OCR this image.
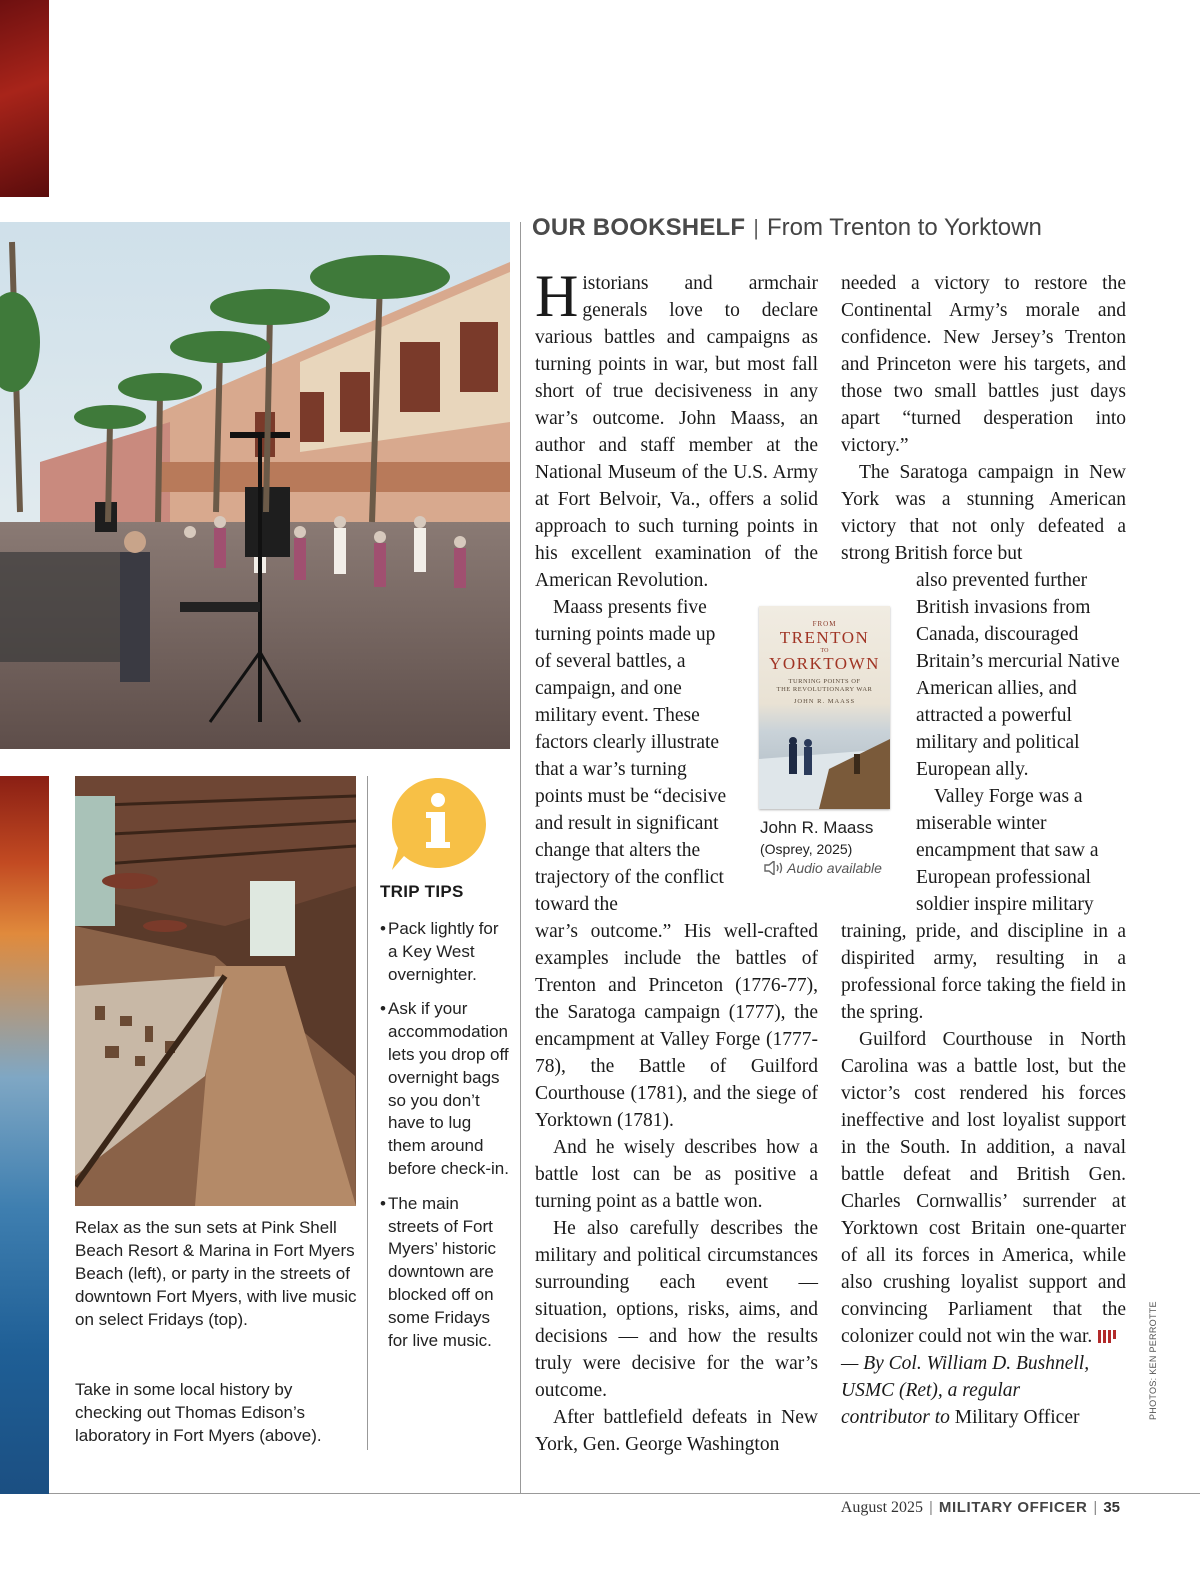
Relax as the sun sets at Pink Shell Beach Resort & Marina in Fort Myers Beach (left), or party in the streets of downtown Fort Myers, with live music on select Fridays (top).

Take in some local history by checking out Thomas Edison’s laboratory in Fort Myers (above).

TRIP TIPS
• Pack lightly for a Key West overnighter.
• Ask if your accommodation lets you drop off overnight bags so you don’t have to lug them around before check-in.
• The main streets of Fort Myers’ historic downtown are blocked off on some Fridays for live music.
OUR BOOKSHELF | From Trenton to Yorktown

Historians and armchair generals love to declare various battles and campaigns as turning points in war, but most fall short of true decisiveness in any war’s outcome. John Maass, an author and staff member at the National Museum of the U.S. Army at Fort Belvoir, Va., offers a solid approach to such turning points in his excellent examination of the American Revolution.

Maass presents five turning points made up of several battles, a campaign, and one military event. These factors clearly illustrate that a war’s turning points must be “decisive and result in significant change that alters the trajectory of the conflict toward the

war’s outcome.” His well-crafted examples include the battles of Trenton and Princeton (1776-77), the Saratoga campaign (1777), the encampment at Valley Forge (1777-78), the Battle of Guilford Courthouse (1781), and the siege of Yorktown (1781).

And he wisely describes how a battle lost can be as positive a turning point as a battle won.

He also carefully describes the military and political circumstances surrounding each event — situation, options, risks, aims, and decisions — and how the results truly were decisive for the war’s outcome.

After battlefield defeats in New York, Gen. George Washington

FROM
TRENTON
TO
YORKTOWN
TURNING POINTS OF
THE REVOLUTIONARY WAR
JOHN R. MAASS

John R. Maass

(Osprey, 2025)

Audio available

needed a victory to restore the Continental Army’s morale and confidence. New Jersey’s Trenton and Princeton were his targets, and those two small battles just days apart “turned desperation into victory.”

The Saratoga campaign in New York was a stunning American victory that not only defeated a strong British force but

also prevented further British invasions from Canada, discouraged Britain’s mercurial Native American allies, and attracted a powerful military and political European ally.

Valley Forge was a miserable winter encampment that saw a European professional soldier inspire military

training, pride, and discipline in a dispirited army, resulting in a professional force taking the field in the spring.

Guilford Courthouse in North Carolina was a battle lost, but the victor’s cost rendered his forces ineffective and lost loyalist support in the South. In addition, a naval battle defeat and British Gen. Charles Cornwallis’ surrender at Yorktown cost Britain one-quarter of all its forces in America, while also crushing loyalist support and convincing Parliament that the colonizer could not win the war.

— By Col. William D. Bushnell,

USMC (Ret), a regular

contributor to Military Officer	PHOTOS: KEN PERROTTE
August 2025 | MILITARY OFFICER | 35
